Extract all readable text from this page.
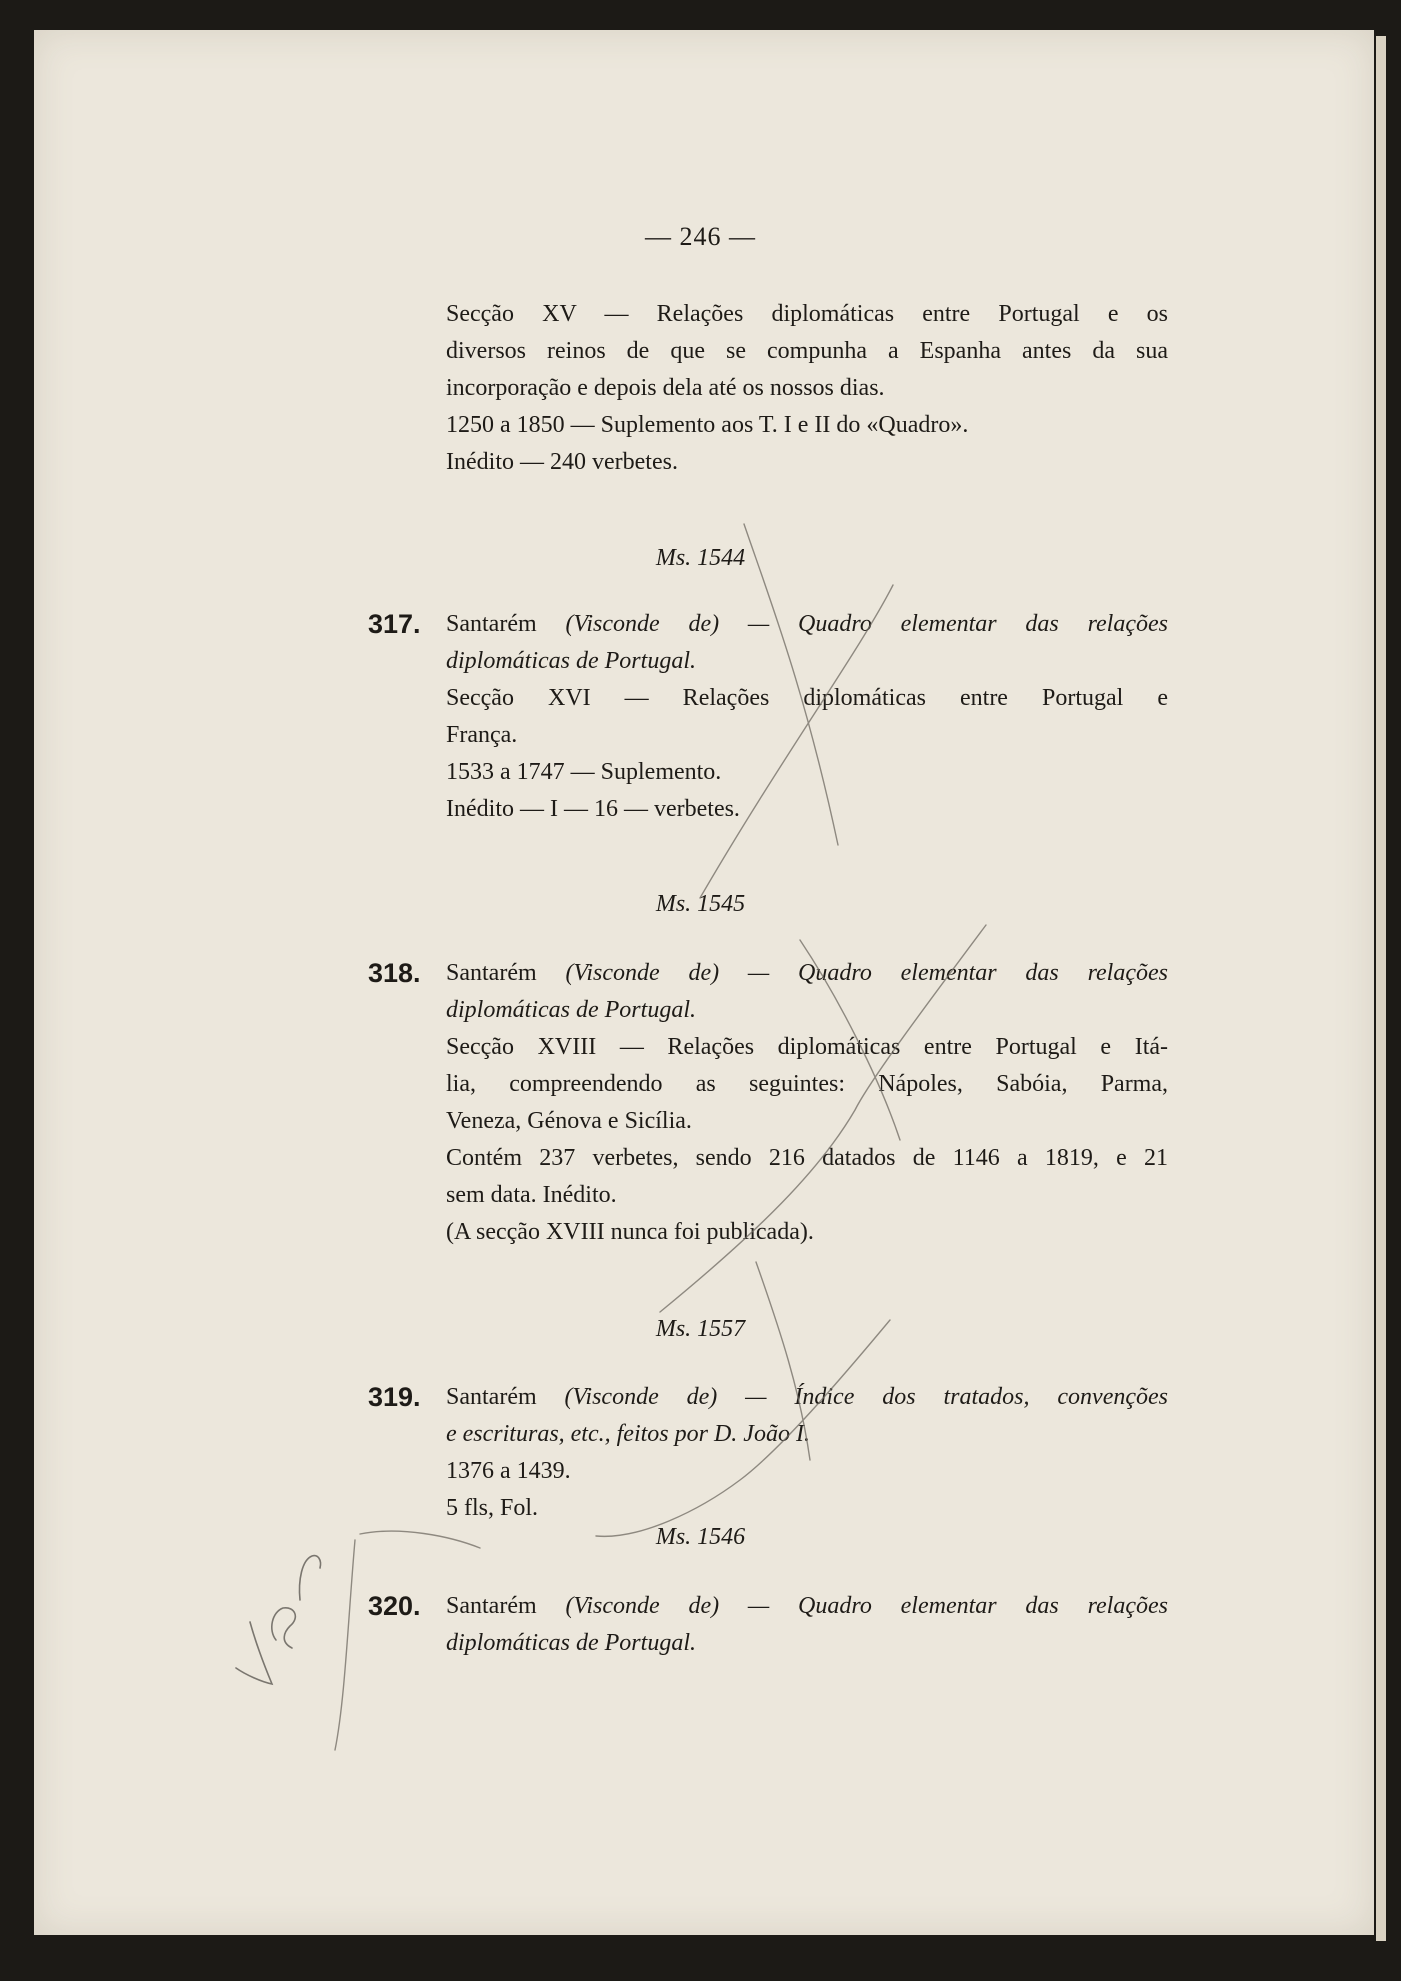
— 246 —
Secção XV — Relações diplomáticas entre Portugal e os
diversos reinos de que se compunha a Espanha antes da sua
incorporação e depois dela até os nossos dias.
1250 a 1850 — Suplemento aos T. I e II do «Quadro».
Inédito — 240 verbetes.
Ms. 1544
317. Santarém (Visconde de) — Quadro elementar das relações
diplomáticas de Portugal.
Secção XVI — Relações diplomáticas entre Portugal e
França.
1533 a 1747 — Suplemento.
Inédito — I — 16 — verbetes.
Ms. 1545
318. Santarém (Visconde de) — Quadro elementar das relações
diplomáticas de Portugal.
Secção XVIII — Relações diplomáticas entre Portugal e Itá-
lia, compreendendo as seguintes: Nápoles, Sabóia, Parma,
Veneza, Génova e Sicília.
Contém 237 verbetes, sendo 216 datados de 1146 a 1819, e 21
sem data. Inédito.
(A secção XVIII nunca foi publicada).
Ms. 1557
319. Santarém (Visconde de) — Índice dos tratados, convenções
e escrituras, etc., feitos por D. João I.
1376 a 1439.
5 fls, Fol.
Ms. 1546
320. Santarém (Visconde de) — Quadro elementar das relações
diplomáticas de Portugal.
